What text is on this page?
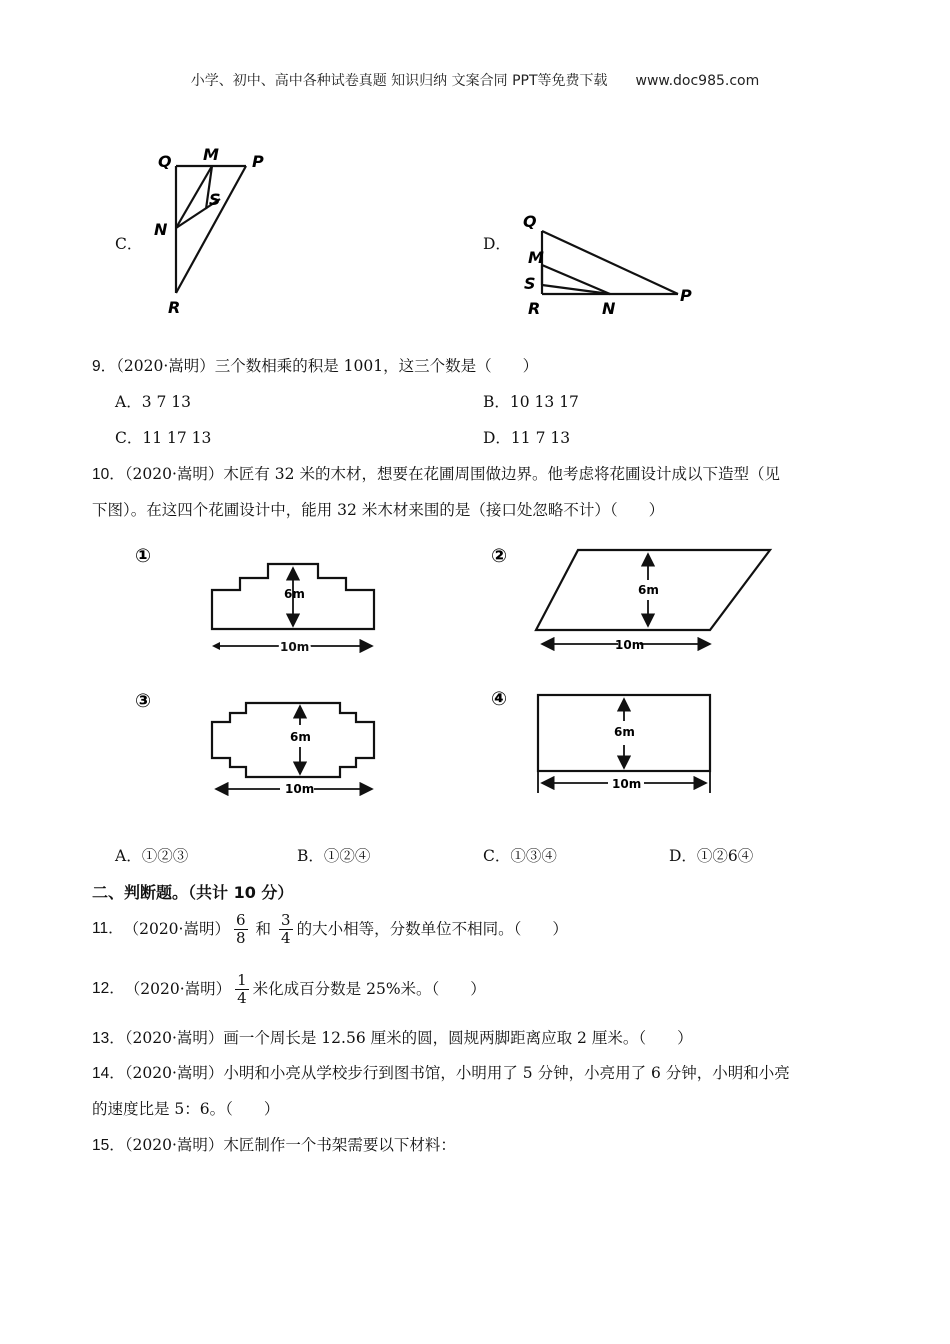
小学、初中、高中各种试卷真题 知识归纳 文案合同 PPT等免费下载 www.doc985.com
C．
Q M P
S
N
R
D．
Q
M
S
R	N
P
9．（2020·嵩明）三个数相乘的积是 1001，这三个数是（　　）
A．3 7 13	B．10 13 17
C．11 17 13	D．11 7 13
10．（2020·嵩明）木匠有 32 米的木材，想要在花圃周围做边界。他考虑将花圃设计成以下造型（见
下图）。在这四个花圃设计中，能用 32 米木材来围的是（接口处忽略不计）（　　）
①
6m
10m
②
6m
10m
③
6m
10m
④
6m
10m
A．①②③	B．①②④	C．①③④	D．①②6④
二、判断题。（共计 10 分）
11． （2020·嵩明） $\frac{6}{8}$ 和 $\frac{3}{4}$ 的大小相等，分数单位不相同。（　　）
12． （2020·嵩明） $\frac{1}{4}$ 米化成百分数是 25%米。（　　）
13．（2020·嵩明）画一个周长是 12.56 厘米的圆，圆规两脚距离应取 2 厘米。（　　）
14．（2020·嵩明）小明和小亮从学校步行到图书馆，小明用了 5 分钟，小亮用了 6 分钟，小明和小亮
的速度比是 5：6。（　　）
15．（2020·嵩明）木匠制作一个书架需要以下材料：
